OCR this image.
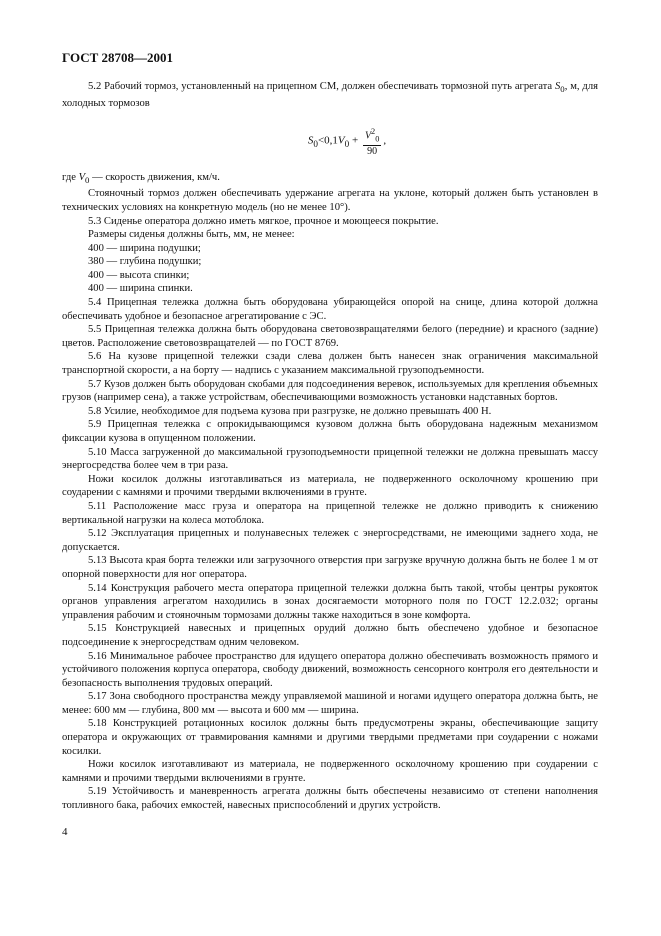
ГОСТ 28708—2001

5.2 Рабочий тормоз, установленный на прицепном СМ, должен обеспечивать тормозной путь агрегата $S_0$, м, для холодных тормозов

$S_0<0,1V_0 + \frac{V^2_0}{90}$ ,

где $V_0$ — скорость движения, км/ч.

Стояночный тормоз должен обеспечивать удержание агрегата на уклоне, который должен быть установлен в технических условиях на конкретную модель (но не менее 10°).

5.3 Сиденье оператора должно иметь мягкое, прочное и моющееся покрытие.

Размеры сиденья должны быть, мм, не менее:

400 — ширина подушки;

380 — глубина подушки;

400 — высота спинки;

400 — ширина спинки.

5.4 Прицепная тележка должна быть оборудована убирающейся опорой на снице, длина которой должна обеспечивать удобное и безопасное агрегатирование с ЭС.

5.5 Прицепная тележка должна быть оборудована световозвращателями белого (передние) и красного (задние) цветов. Расположение световозвращателей — по ГОСТ 8769.

5.6 На кузове прицепной тележки сзади слева должен быть нанесен знак ограничения максимальной транспортной скорости, а на борту — надпись с указанием максимальной грузоподъемности.

5.7 Кузов должен быть оборудован скобами для подсоединения веревок, используемых для крепления объемных грузов (например сена), а также устройствам, обеспечивающими возможность установки надставных бортов.

5.8 Усилие, необходимое для подъема кузова при разгрузке, не должно превышать 400 Н.

5.9 Прицепная тележка с опрокидывающимся кузовом должна быть оборудована надежным механизмом фиксации кузова в опущенном положении.

5.10 Масса загруженной до максимальной грузоподъемности прицепной тележки не должна превышать массу энергосредства более чем в три раза.

Ножи косилок должны изготавливаться из материала, не подверженного осколочному крошению при соударении с камнями и прочими твердыми включениями в грунте.

5.11 Расположение масс груза и оператора на прицепной тележке не должно приводить к снижению вертикальной нагрузки на колеса мотоблока.

5.12 Эксплуатация прицепных и полунавесных тележек с энергосредствами, не имеющими заднего хода, не допускается.

5.13 Высота края борта тележки или загрузочного отверстия при загрузке вручную должна быть не более 1 м от опорной поверхности для ног оператора.

5.14 Конструкция рабочего места оператора прицепной тележки должна быть такой, чтобы центры рукояток органов управления агрегатом находились в зонах досягаемости моторного поля по ГОСТ 12.2.032; органы управления рабочим и стояночным тормозами должны также находиться в зоне комфорта.

5.15 Конструкцией навесных и прицепных орудий должно быть обеспечено удобное и безопасное подсоединение к энергосредствам одним человеком.

5.16 Минимальное рабочее пространство для идущего оператора должно обеспечивать возможность прямого и устойчивого положения корпуса оператора, свободу движений, возможность сенсорного контроля его деятельности и безопасность выполнения трудовых операций.

5.17 Зона свободного пространства между управляемой машиной и ногами идущего оператора должна быть, не менее: 600 мм — глубина, 800 мм — высота и 600 мм — ширина.

5.18 Конструкцией ротационных косилок должны быть предусмотрены экраны, обеспечивающие защиту оператора и окружающих от травмирования камнями и другими твердыми предметами при соударении с ножами косилки.

Ножи косилок изготавливают из материала, не подверженного осколочному крошению при соударении с камнями и прочими твердыми включениями в грунте.

5.19 Устойчивость и маневренность агрегата должны быть обеспечены независимо от степени наполнения топливного бака, рабочих емкостей, навесных приспособлений и других устройств.

4
